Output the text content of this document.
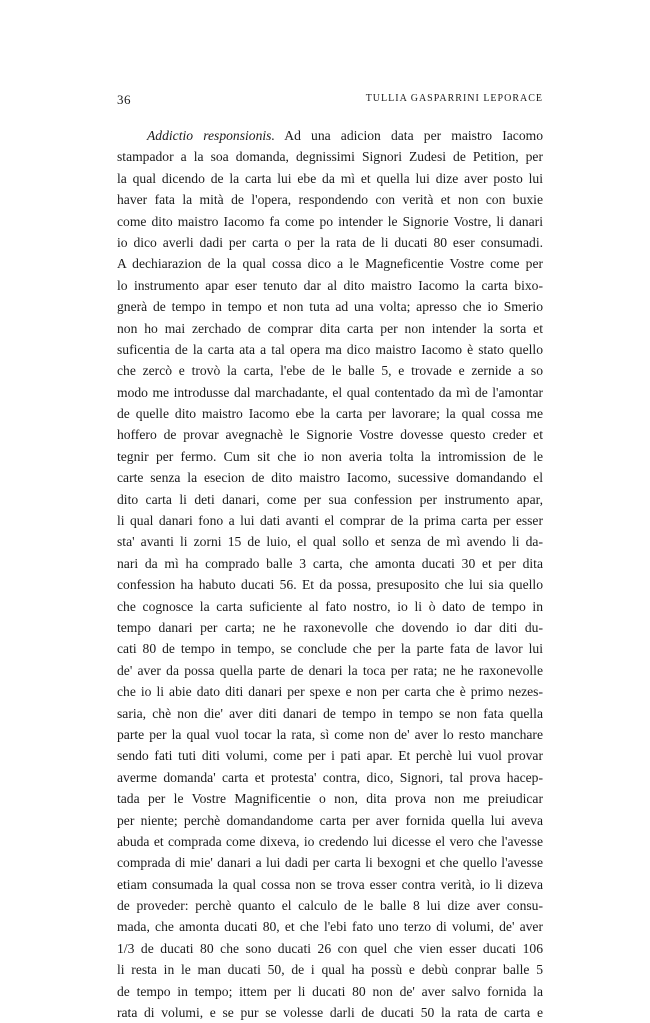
36	TULLIA GASPARRINI LEPORACE
Addictio responsionis. Ad una adicion data per maistro Iacomo
stampador a la soa domanda, degnissimi Signori Zudesi de Petition, per
la qual dicendo de la carta lui ebe da mì et quella lui dize aver posto lui
haver fata la mità de l'opera, respondendo con verità et non con buxie
come dito maistro Iacomo fa come po intender le Signorie Vostre, li danari
io dico averli dadi per carta o per la rata de li ducati 80 eser consumadi.
A dechiarazion de la qual cossa dico a le Magneficentie Vostre come per
lo instrumento apar eser tenuto dar al dito maistro Iacomo la carta bixo-
gnerà de tempo in tempo et non tuta ad una volta; apresso che io Smerio
non ho mai zerchado de comprar dita carta per non intender la sorta et
suficentia de la carta ata a tal opera ma dico maistro Iacomo è stato quello
che zercò e trovò la carta, l'ebe de le balle 5, e trovade e zernide a so
modo me introdusse dal marchadante, el qual contentado da mì de l'amontar
de quelle dito maistro Iacomo ebe la carta per lavorare; la qual cossa me
hoffero de provar avegnachè le Signorie Vostre dovesse questo creder et
tegnir per fermo. Cum sit che io non averia tolta la intromission de le
carte senza la esecion de dito maistro Iacomo, sucessive domandando el
dito carta li deti danari, come per sua confession per instrumento apar,
li qual danari fono a lui dati avanti el comprar de la prima carta per esser
sta' avanti li zorni 15 de luio, el qual sollo et senza de mì avendo li da-
nari da mì ha comprado balle 3 carta, che amonta ducati 30 et per dita
confession ha habuto ducati 56. Et da possa, presuposito che lui sia quello
che cognosce la carta suficiente al fato nostro, io li ò dato de tempo in
tempo danari per carta; ne he raxonevolle che dovendo io dar diti du-
cati 80 de tempo in tempo, se conclude che per la parte fata de lavor lui
de' aver da possa quella parte de denari la toca per rata; ne he raxonevolle
che io li abie dato diti danari per spexe e non per carta che è primo nezes-
saria, chè non die' aver diti danari de tempo in tempo se non fata quella
parte per la qual vuol tocar la rata, sì come non de' aver lo resto manchare
sendo fati tuti diti volumi, come per i pati apar. Et perchè lui vuol provar
averme domanda' carta et protesta' contra, dico, Signori, tal prova hacep-
tada per le Vostre Magnificentie o non, dita prova non me preiudicar
per niente; perchè domandandome carta per aver fornida quella lui aveva
abuda et comprada come dixeva, io credendo lui dicesse el vero che l'avesse
comprada di mie' danari a lui dadi per carta li bexogni et che quello l'avesse
etiam consumada la qual cossa non se trova esser contra verità, io li dizeva
de proveder: perchè quanto el calculo de le balle 8 lui dize aver consu-
mada, che amonta ducati 80, et che l'ebi fato uno terzo di volumi, de' aver
1/3 de ducati 80 che sono ducati 26 con quel che vien esser ducati 106
li resta in le man ducati 50, de i qual ha possù e debù conprar balle 5
de tempo in tempo; ittem per li ducati 80 non de' aver salvo fornida la
rata di volumi, e se pur se volesse darli de ducati 50 la rata de carta e
